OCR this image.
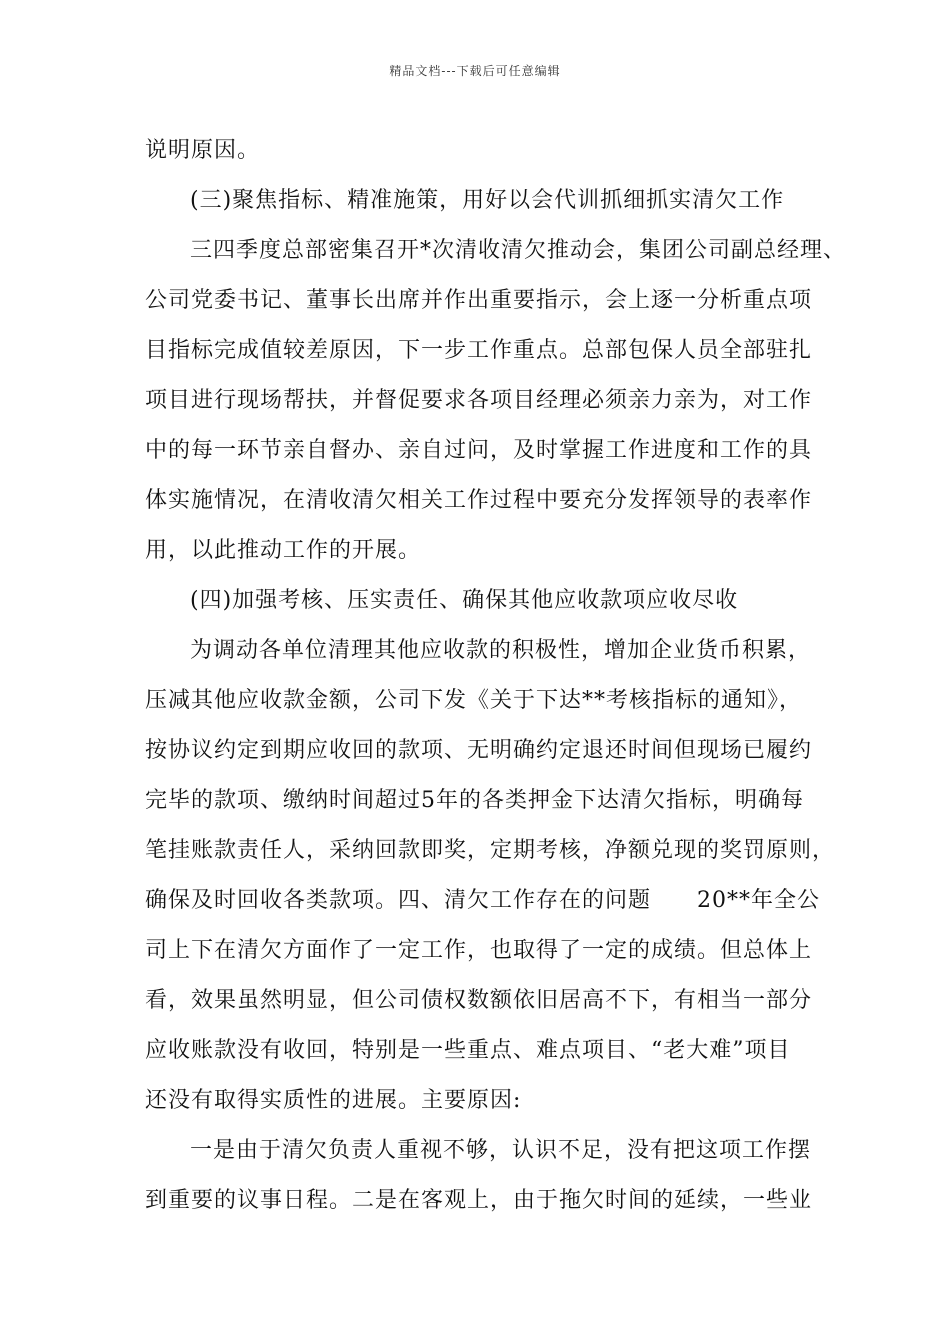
精品文档---下载后可任意编辑
说明原因。
(三)聚焦指标、精准施策，用好以会代训抓细抓实清欠工作
三四季度总部密集召开*次清收清欠推动会，集团公司副总经理、
公司党委书记、董事长出席并作出重要指示，会上逐一分析重点项
目指标完成值较差原因，下一步工作重点。总部包保人员全部驻扎
项目进行现场帮扶，并督促要求各项目经理必须亲力亲为，对工作
中的每一环节亲自督办、亲自过问，及时掌握工作进度和工作的具
体实施情况，在清收清欠相关工作过程中要充分发挥领导的表率作
用，以此推动工作的开展。
(四)加强考核、压实责任、确保其他应收款项应收尽收
为调动各单位清理其他应收款的积极性，增加企业货币积累，
压减其他应收款金额，公司下发《关于下达**考核指标的通知》，
按协议约定到期应收回的款项、无明确约定退还时间但现场已履约
完毕的款项、缴纳时间超过5年的各类押金下达清欠指标，明确每
笔挂账款责任人，采纳回款即奖，定期考核，净额兑现的奖罚原则，
确保及时回收各类款项。四、清欠工作存在的问题　　20**年全公
司上下在清欠方面作了一定工作，也取得了一定的成绩。但总体上
看，效果虽然明显，但公司债权数额依旧居高不下，有相当一部分
应收账款没有收回，特别是一些重点、难点项目、“老大难”项目
还没有取得实质性的进展。主要原因:
一是由于清欠负责人重视不够，认识不足，没有把这项工作摆
到重要的议事日程。二是在客观上，由于拖欠时间的延续，一些业
